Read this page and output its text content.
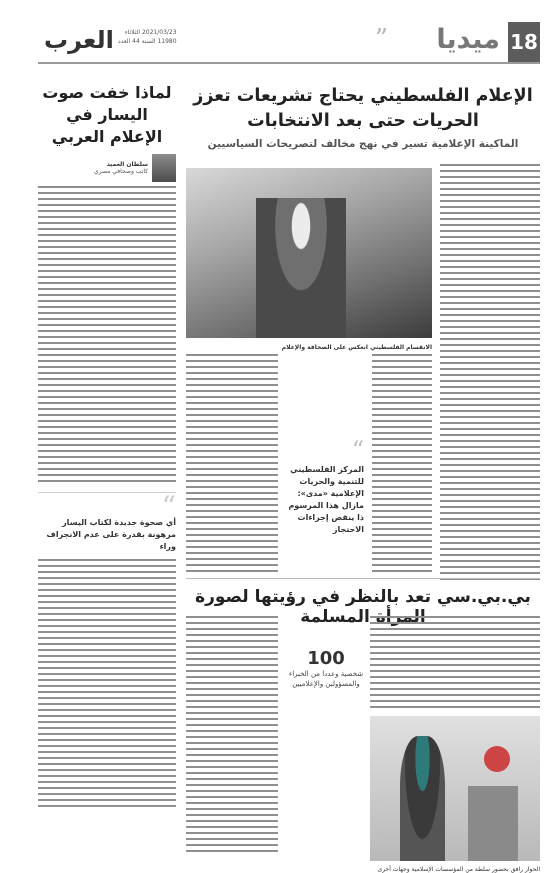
18
ميديا
”
2021/03/23 الثلاثاء
11980 السنة 44 العدد
العرب
لماذا خفت صوت اليسار في الإعلام العربي
سلطان العميد
كاتب وصحافي مصري
“

أي صحوة جديدة لكتاب اليسار مرهونة بقدرة على عدم الانجراف وراء

الإعلام الفلسطيني يحتاج تشريعات تعزز الحريات حتى بعد الانتخابات
الماكينة الإعلامية تسير في نهج مخالف لتصريحات السياسيين
الانقسام الفلسطيني انعكس على الصحافة والإعلام
“

المركز الفلسطيني للتنمية والحريات الإعلامية «مدى»: مازال هذا المرسوم ذا ينقض إجراءات الاحتجاز

بي.بي.سي تعد بالنظر في رؤيتها لصورة المرأة المسلمة
100

شخصية وعددا من الخبراء والمسؤولين والإعلاميين

الحوار رافق بحضور سلطة من المؤسسات الإسلامية وجهات أخرى
